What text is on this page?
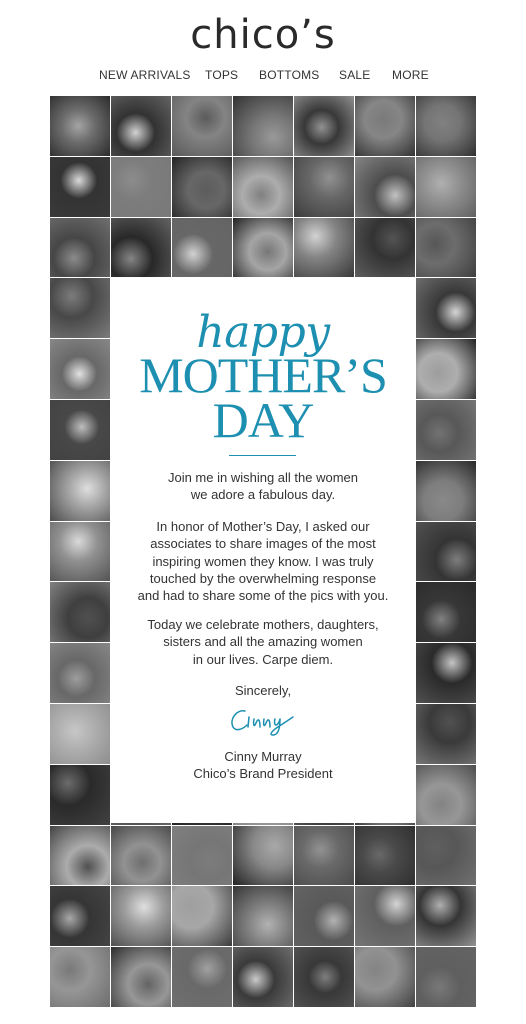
chico’s
NEW ARRIVALS TOPS BOTTOMS SALE MORE
happy
MOTHER’S
DAY
Join me in wishing all the women
we adore a fabulous day.
In honor of Mother’s Day, I asked our
associates to share images of the most
inspiring women they know. I was truly
touched by the overwhelming response
and had to share some of the pics with you.
Today we celebrate mothers, daughters,
sisters and all the amazing women
in our lives. Carpe diem.
Sincerely,
Cinny Murray
Chico’s Brand President
